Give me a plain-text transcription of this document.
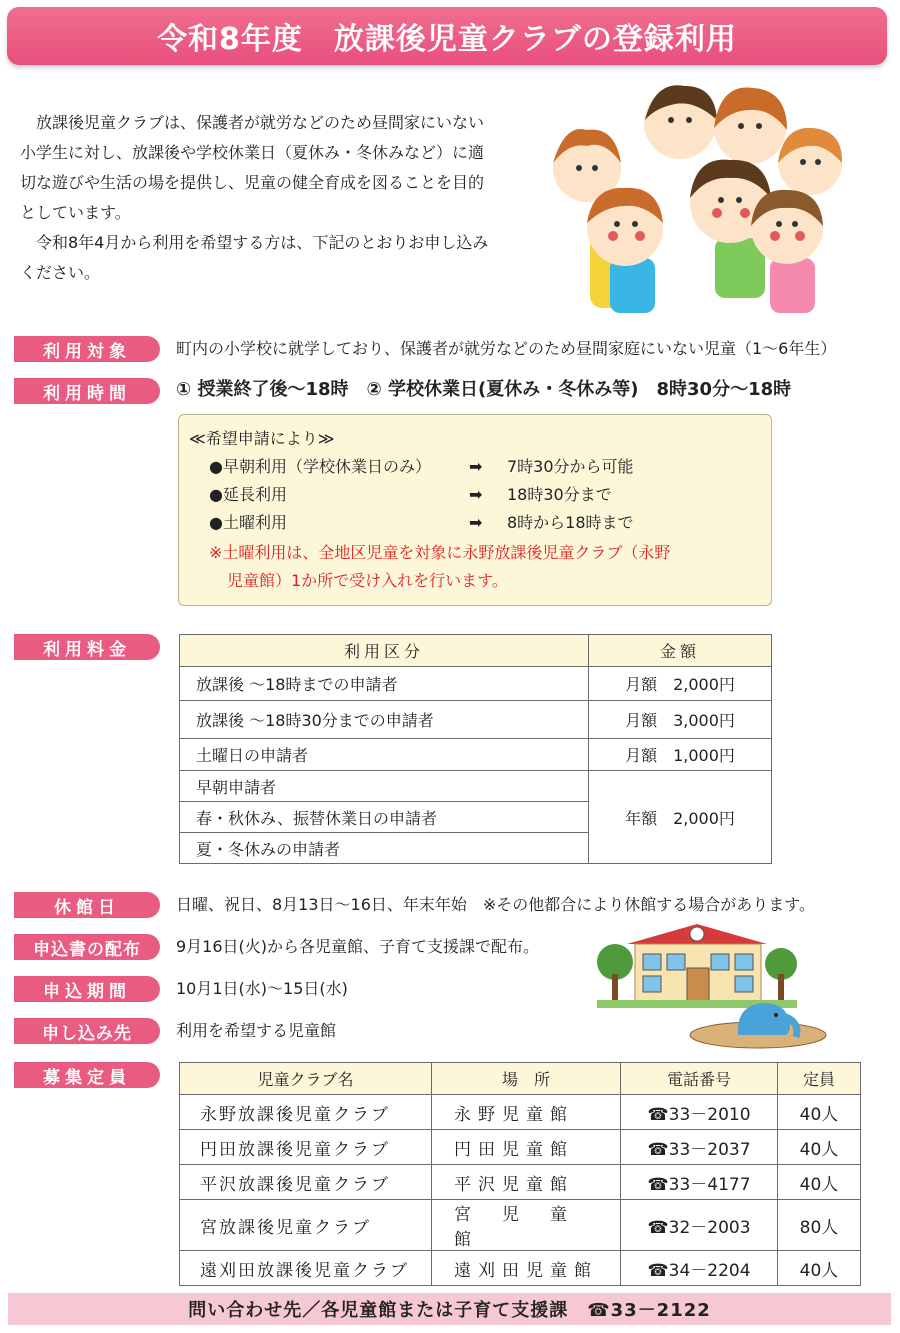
令和8年度　放課後児童クラブの登録利用

放課後児童クラブは、保護者が就労などのため昼間家にいない小学生に対し、放課後や学校休業日（夏休み・冬休みなど）に適切な遊びや生活の場を提供し、児童の健全育成を図ることを目的としています。

令和8年4月から利用を希望する方は、下記のとおりお申し込みください。

利用対象	町内の小学校に就学しており、保護者が就労などのため昼間家庭にいない児童（1～6年生）
利用時間	① 授業終了後～18時　② 学校休業日(夏休み・冬休み等)　8時30分～18時
≪希望申請により≫
●早朝利用（学校休業日のみ） ➡ 7時30分から可能
●延長利用	➡ 18時30分まで
●土曜利用	➡ 8時から18時まで
※土曜利用は、全地区児童を対象に永野放課後児童クラブ（永野
児童館）1か所で受け入れを行います。
利用料金	利用区分	金額
放課後 ～18時までの申請者	月額　2,000円
放課後 ～18時30分までの申請者	月額　3,000円
土曜日の申請者	月額　1,000円
早朝申請者	年額　2,000円
春・秋休み、振替休業日の申請者	
夏・冬休みの申請者	
休館日	日曜、祝日、8月13日～16日、年末年始　※その他都合により休館する場合があります。
申込書の配布	9月16日(火)から各児童館、子育て支援課で配布。
申込期間	10月1日(水)～15日(水)
申し込み先	利用を希望する児童館
募集定員	児童クラブ名	場　所	電話番号	定員
永野放課後児童クラブ	永野児童館	☎33－2010	40人
円田放課後児童クラブ	円田児童館	☎33－2037	40人
平沢放課後児童クラブ	平沢児童館	☎33－4177	40人
宮放課後児童クラブ	宮　児　童　館	☎32－2003	80人
遠刈田放課後児童クラブ	遠刈田児童館	☎34－2204	40人
問い合わせ先／各児童館または子育て支援課　☎33－2122
